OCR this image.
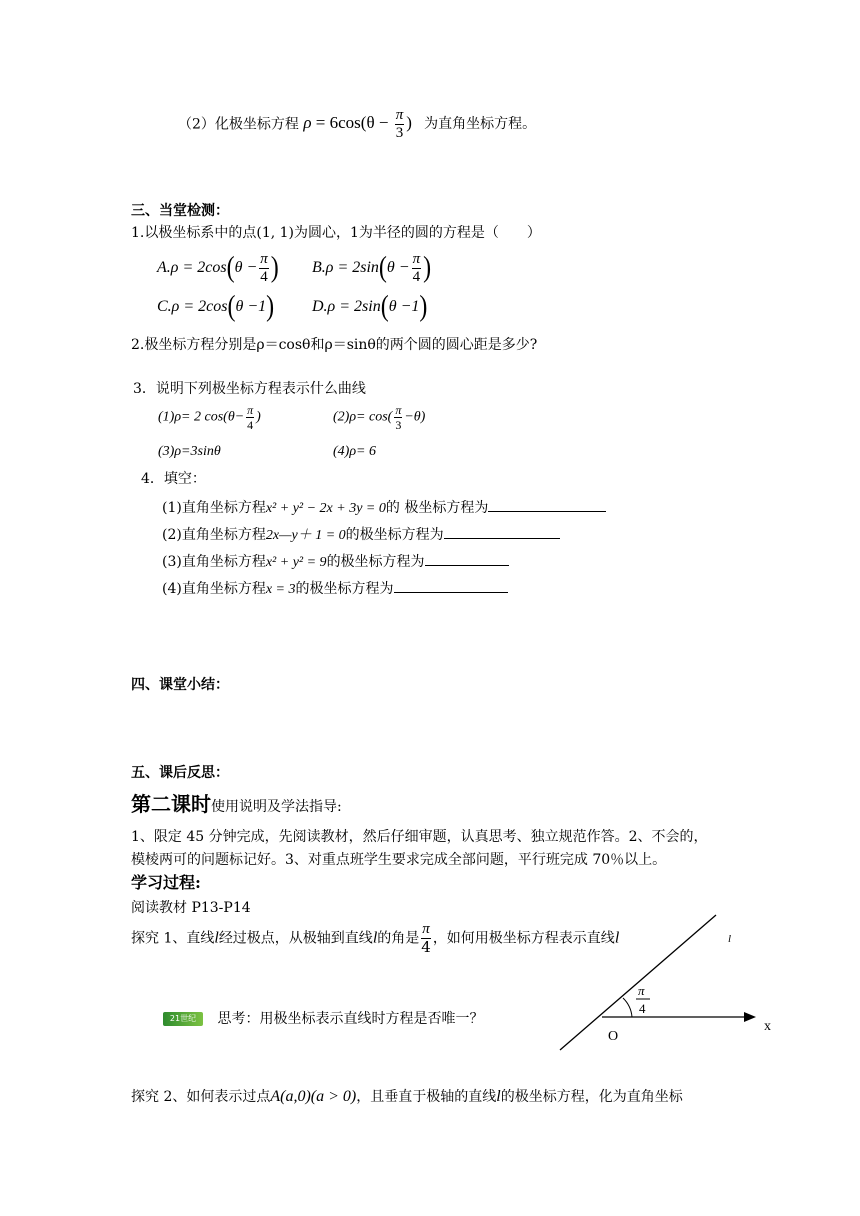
（2）化极坐标方程 $\rho = 6\cos(\theta - \frac{\pi}{3}$ ) 为直角坐标方程。
三、当堂检测：
1.以极坐标系中的点(1, 1)为圆心，1为半径的圆的方程是（　　）
$A.\rho = 2\cos(\theta - \frac{\pi}{4}$ ) $B.\rho = 2\sin(\theta - \frac{\pi}{4}$ )
C.ρ = 2cos(θ −1) D.ρ = 2sin(θ −1)
2.极坐标方程分别是ρ＝cosθ和ρ＝sinθ的两个圆的圆心距是多少?
3．说明下列极坐标方程表示什么曲线
(1)ρ= 2 $\cos(\theta- \frac{\pi}{4}$ )	$(2)\rho= \cos( \frac{\pi}{3} -\theta)$
(3)ρ=3sinθ	(4)ρ= 6
4．填空：
(1)直角坐标方程x² + y² − 2x + 3y = 0的 极坐标方程为
(2)直角坐标方程2x—y＋ 1 = 0的极坐标方程为
(3)直角坐标方程x² + y² = 9的极坐标方程为
(4)直角坐标方程x = 3的极坐标方程为
四、课堂小结：
五、课后反思：
第二课时使用说明及学法指导:
1、限定 45 分钟完成，先阅读教材，然后仔细审题，认真思考、独立规范作答。2、不会的，
模棱两可的问题标记好。3、对重点班学生要求完成全部问题，平行班完成 70％以上。
学习过程:
阅读教材 P13-P14
探究 1、直线l经过极点，从极轴到直线l的角是 $\frac{\pi}{4}$ ，如何用极坐标方程表示直线l
21世纪 思考：用极坐标表示直线时方程是否唯一？
l
π
4
O
x
探究 2、如何表示过点A(a,0)(a > 0)，且垂直于极轴的直线l的极坐标方程，化为直角坐标
